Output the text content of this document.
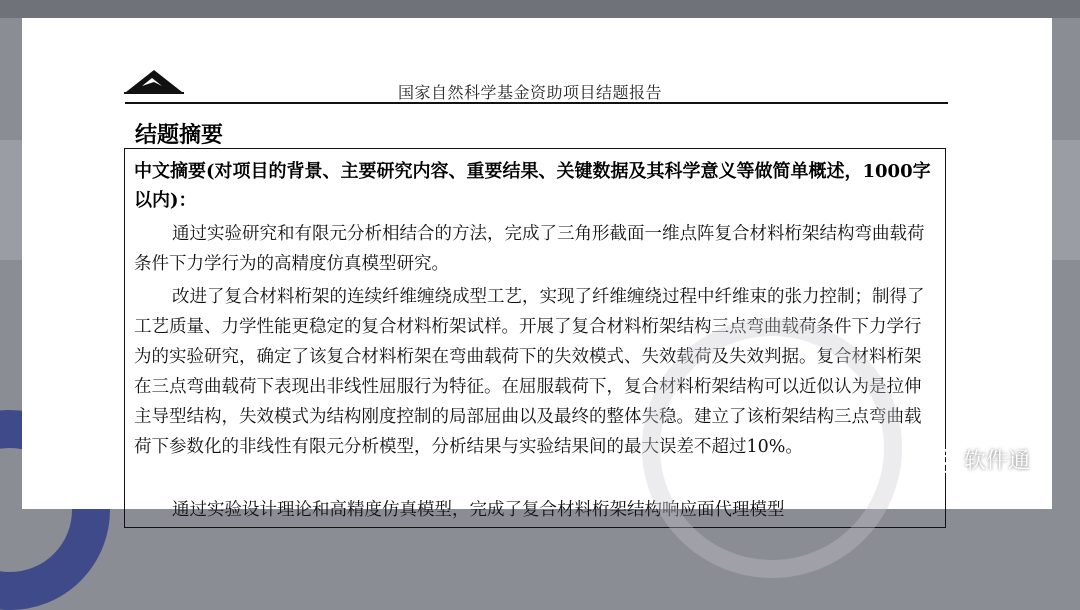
国家自然科学基金资助项目结题报告
结题摘要
中文摘要(对项目的背景、主要研究内容、重要结果、关键数据及其科学意义等做简单概述，1000字以内)：
通过实验研究和有限元分析相结合的方法，完成了三角形截面一维点阵复合材料桁架结构弯曲载荷条件下力学行为的高精度仿真模型研究。
改进了复合材料桁架的连续纤维缠绕成型工艺，实现了纤维缠绕过程中纤维束的张力控制；制得了工艺质量、力学性能更稳定的复合材料桁架试样。开展了复合材料桁架结构三点弯曲载荷条件下力学行为的实验研究，确定了该复合材料桁架在弯曲载荷下的失效模式、失效载荷及失效判据。复合材料桁架在三点弯曲载荷下表现出非线性屈服行为特征。在屈服载荷下，复合材料桁架结构可以近似认为是拉伸主导型结构，失效模式为结构刚度控制的局部屈曲以及最终的整体失稳。建立了该桁架结构三点弯曲载荷下参数化的非线性有限元分析模型，分析结果与实验结果间的最大误差不超过10%。
通过实验设计理论和高精度仿真模型，完成了复合材料桁架结构响应面代理模型
软件通
